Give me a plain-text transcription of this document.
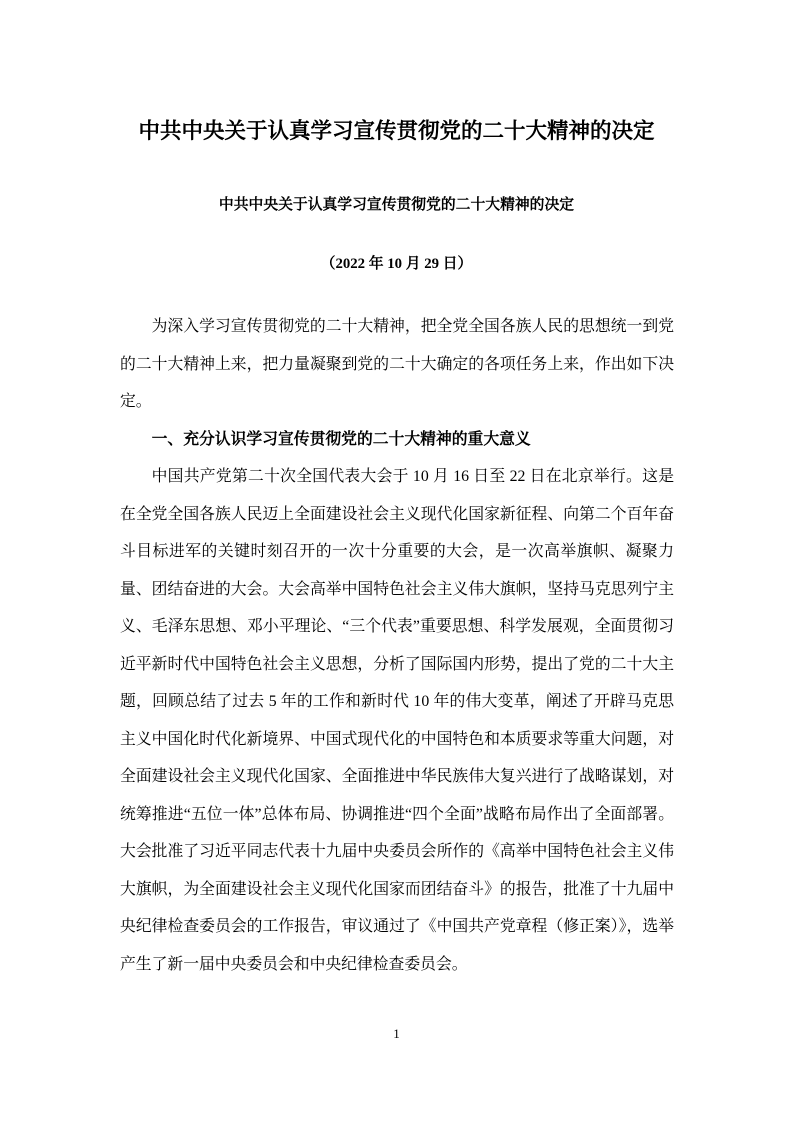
中共中央关于认真学习宣传贯彻党的二十大精神的决定
中共中央关于认真学习宣传贯彻党的二十大精神的决定
（2022 年 10 月 29 日）

为深入学习宣传贯彻党的二十大精神，把全党全国各族人民的思想统一到党的二十大精神上来，把力量凝聚到党的二十大确定的各项任务上来，作出如下决定。

一、充分认识学习宣传贯彻党的二十大精神的重大意义

中国共产党第二十次全国代表大会于 10 月 16 日至 22 日在北京举行。这是在全党全国各族人民迈上全面建设社会主义现代化国家新征程、向第二个百年奋斗目标进军的关键时刻召开的一次十分重要的大会，是一次高举旗帜、凝聚力量、团结奋进的大会。大会高举中国特色社会主义伟大旗帜，坚持马克思列宁主义、毛泽东思想、邓小平理论、“三个代表”重要思想、科学发展观，全面贯彻习近平新时代中国特色社会主义思想，分析了国际国内形势，提出了党的二十大主题，回顾总结了过去 5 年的工作和新时代 10 年的伟大变革，阐述了开辟马克思主义中国化时代化新境界、中国式现代化的中国特色和本质要求等重大问题，对全面建设社会主义现代化国家、全面推进中华民族伟大复兴进行了战略谋划，对统筹推进“五位一体”总体布局、协调推进“四个全面”战略布局作出了全面部署。大会批准了习近平同志代表十九届中央委员会所作的《高举中国特色社会主义伟大旗帜，为全面建设社会主义现代化国家而团结奋斗》的报告，批准了十九届中央纪律检查委员会的工作报告，审议通过了《中国共产党章程（修正案）》，选举产生了新一届中央委员会和中央纪律检查委员会。

1
